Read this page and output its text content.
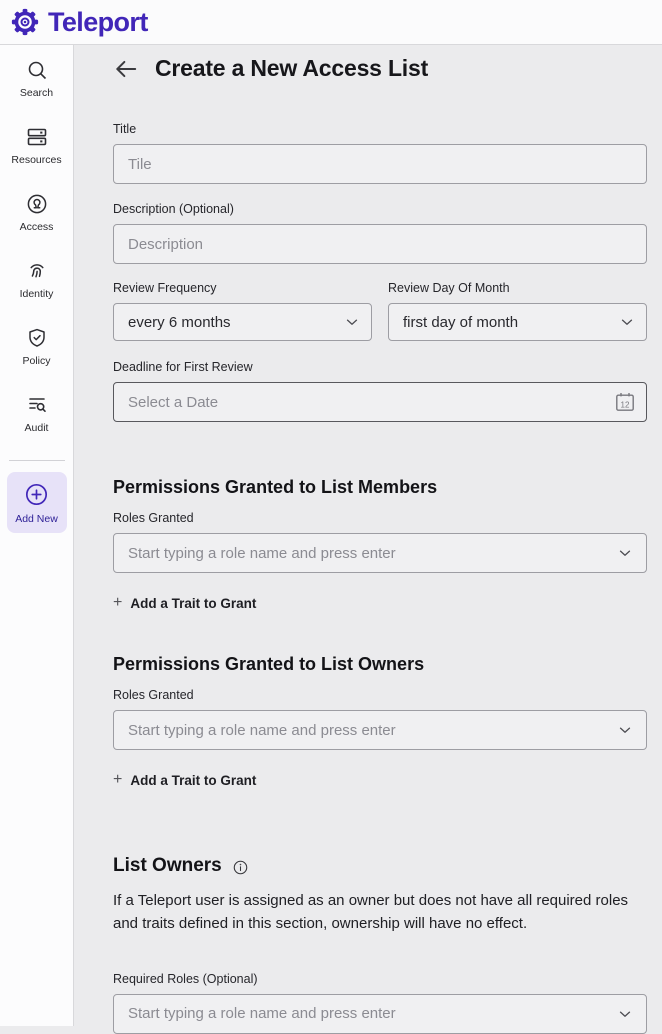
Teleport
Search
Resources
Access
Identity
Policy
Audit
Add New
Create a New Access List
Title
Tile
Description (Optional)
Description
Review Frequency
every 6 months
Review Day Of Month
first day of month
Deadline for First Review
Select a Date
12
Permissions Granted to List Members
Roles Granted
Start typing a role name and press enter
+ Add a Trait to Grant
Permissions Granted to List Owners
Roles Granted
Start typing a role name and press enter
+ Add a Trait to Grant
List Owners
If a Teleport user is assigned as an owner but does not have all required roles and traits defined in this section, ownership will have no effect.
Required Roles (Optional)
Start typing a role name and press enter
